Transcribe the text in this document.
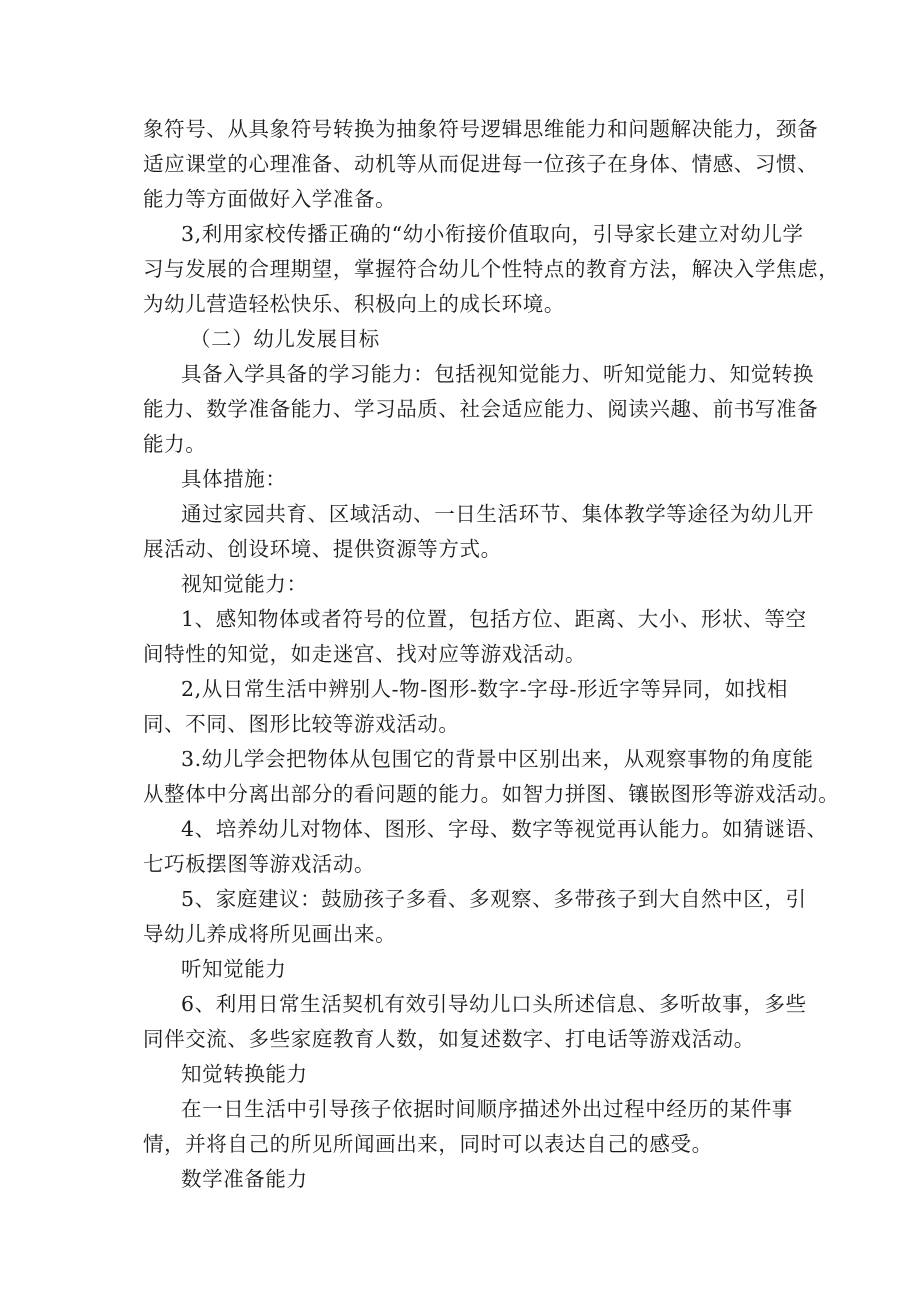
象符号、从具象符号转换为抽象符号逻辑思维能力和问题解决能力，颈备
适应课堂的心理准备、动机等从而促进每一位孩子在身体、情感、习惯、
能力等方面做好入学准备。
3,利用家校传播正确的“幼小衔接价值取向，引导家长建立对幼儿学
习与发展的合理期望，掌握符合幼儿个性特点的教育方法，解决入学焦虑，
为幼儿营造轻松快乐、积极向上的成长环境。
（二）幼儿发展目标
具备入学具备的学习能力：包括视知觉能力、听知觉能力、知觉转换
能力、数学准备能力、学习品质、社会适应能力、阅读兴趣、前书写准备
能力。
具体措施：
通过家园共育、区域活动、一日生活环节、集体教学等途径为幼儿开
展活动、创设环境、提供资源等方式。
视知觉能力：
1、感知物体或者符号的位置，包括方位、距离、大小、形状、等空
间特性的知觉，如走迷宫、找对应等游戏活动。
2,从日常生活中辨别人-物-图形-数字-字母-形近字等异同，如找相
同、不同、图形比较等游戏活动。
3.幼儿学会把物体从包围它的背景中区别出来，从观察事物的角度能
从整体中分离出部分的看问题的能力。如智力拼图、镶嵌图形等游戏活动。
4、培养幼儿对物体、图形、字母、数字等视觉再认能力。如猜谜语、
七巧板摆图等游戏活动。
5、家庭建议：鼓励孩子多看、多观察、多带孩子到大自然中区，引
导幼儿养成将所见画出来。
听知觉能力
6、利用日常生活契机有效引导幼儿口头所述信息、多听故事，多些
同伴交流、多些家庭教育人数，如复述数字、打电话等游戏活动。
知觉转换能力
在一日生活中引导孩子依据时间顺序描述外出过程中经历的某件事
情，并将自己的所见所闻画出来，同时可以表达自己的感受。
数学准备能力
